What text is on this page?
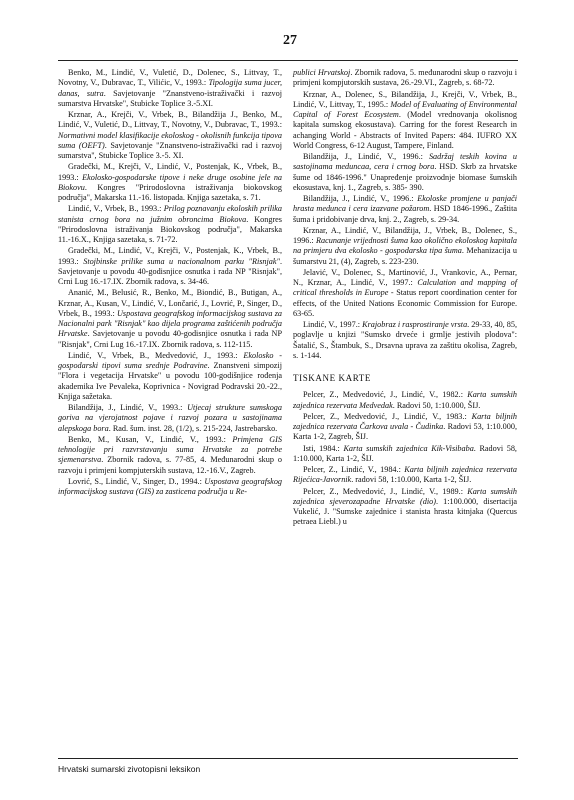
27

Benko, M., Lindić, V., Vuletić, D., Dolenec, S., Littvay, T., Novotny, V., Dubravac, T., Vilićic, V., 1993.: Tipologija suma jucer, danas, sutra. Savjetovanje "Znanstveno-istraživački i razvoj sumarstva Hrvatske", Stubicke Toplice 3.-5.XI.

Krznar, A., Krejči, V., Vrbek, B., Bilandžija J., Benko, M., Lindić, V., Vuletić, D., Littvay, T., Novotny, V., Dubravac, T., 1993.: Normativni model klasifikacije ekoloskog - okolisnih funkcija tipova suma (OEFT). Savjetovanje "Znanstveno-istraživački rad i razvoj sumarstva", Stubicke Toplice 3.-5. XI.

Gradečki, M., Krejči, V., Lindić, V., Postenjak, K., Vrbek, B., 1993.: Ekolosko-gospodarske tipove i neke druge osobine jele na Biokovu. Kongres "Prirodoslovna istraživanja biokovskog područja", Makarska 11.-16. listopada. Knjiga sazetaka, s. 71.

Lindić, V., Vrbek, B., 1993.: Prilog poznavanju ekoloskih prilika stanista crnog bora na južnim obroncima Biokova. Kongres "Prirodoslovna istraživanja Biokovskog područja", Makarska 11.-16.X., Knjiga sazetaka, s. 71-72.

Gradečki, M., Lindić, V., Krejči, V., Postenjak, K., Vrbek, B., 1993.: Stojbinske prilike suma u nacionalnom parku "Risnjak". Savjetovanje u povodu 40-godisnjice osnutka i rada NP "Risnjak", Crni Lug 16.-17.IX. Zbornik radova, s. 34-46.

Ananić, M., Belusić, R., Benko, M., Biondić, B., Butigan, A., Krznar, A., Kusan, V., Lindić, V., Lončarić, J., Lovrić, P., Singer, D., Vrbek, B., 1993.: Uspostava geografskog informacijskog sustava za Nacionalni park "Risnjak" kao dijela programa zaštićenih područja Hrvatske. Savjetovanje u povodu 40-godisnjice osnutka i rada NP "Risnjak", Crni Lug 16.-17.IX. Zbornik radova, s. 112-115.

Lindić, V., Vrbek, B., Medvedović, J., 1993.: Ekolosko - gospodarski tipovi suma srednje Podravine. Znanstveni simpozij "Flora i vegetacija Hrvatske" u povodu 100-godišnjice rođenja akademika Ive Pevaleka, Koprivnica - Novigrad Podravski 20.-22., Knjiga sažetaka.

Bilandžija, J., Lindić, V., 1993.: Utjecaj strukture sumskoga goriva na vjerojatnost pojave i razvoj pozara u sastojinama alepskoga bora. Rad. šum. inst. 28, (1/2), s. 215-224, Jastrebarsko.

Benko, M., Kusan, V., Lindić, V., 1993.: Primjena GIS tehnologije pri razvrstavanju suma Hrvatske za potrebe sjemenarstva. Zbornik radova, s. 77-85, 4. Međunarodni skup o razvoju i primjeni kompjuterskih sustava, 12.-16.V., Zagreb.

Lovrić, S., Lindić, V., Singer, D., 1994.: Uspostava geografskog informacijskog sustava (GIS) za zasticena područja u Re-

publici Hrvatskoj. Zbornik radova, 5. međunarodni skup o razvoju i primjeni kompjutorskih sustava, 26.-29.VI., Zagreb, s. 68-72.

Krznar, A., Dolenec, S., Bilandžija, J., Krejči, V., Vrbek, B., Lindić, V., Littvay, T., 1995.: Model of Evaluating of Environmental Capital of Forest Ecosystem. (Model vrednovanja okolisnog kapitala sumskog ekosustava). Carring for the forest Research in achanging World - Abstracts of Invited Papers: 484. IUFRO XX World Congress, 6-12 August, Tampere, Finland.

Bilandžija, J., Lindić, V., 1996.: Sadržaj teskih kovina u sastojinama meduncaa, cera i crnog bora. HSD. Skrb za hrvatske šume od 1846-1996." Unapređenje proizvodnje biomase šumskih ekosustava, knj. 1., Zagreb, s. 385- 390.

Bilandžija, J., Lindić, V., 1996.: Ekoloske promjene u panjači hrasta medunca i cera izazvane požarom. HSD 1846-1996., Zaštita šuma i pridobivanje drva, knj. 2., Zagreb, s. 29-34.

Krznar, A., Lindić, V., Bilandžija, J., Vrbek, B., Dolenec, S., 1996.: Racunanje vrijednosti šuma kao okolično ekoloskog kapitala na primjeru dva ekolosko - gospodarska tipa šuma. Mehanizacija u šumarstvu 21, (4), Zagreb, s. 223-230.

Jelavić, V., Dolenec, S., Martinović, J., Vrankovic, A., Pernar, N., Krznar, A., Lindić, V., 1997.: Calculation and mapping of critical thresholds in Europe - Status report coordination center for effects, of the United Nations Economic Commission for Europe. 63-65.

Lindić, V., 1997.: Krajobraz i rasprostiranje vrsta. 29-33, 40, 85, poglavlje u knjizi "Sumsko drveće i grmlje jestivih plodova": Šatalić, S., Štambuk, S., Drsavna uprava za zaštitu okolisa, Zagreb, s. 1-144.

TISKANE KARTE

Pelcer, Z., Medvedović, J., Lindić, V., 1982.: Karta sumskih zajednica rezervata Medvedak. Radovi 50, 1:10.000, ŠIJ.

Pelcer, Z., Medvedović, J., Lindić, V., 1983.: Karta biljnih zajednica rezervata Čarkova uvala - Čudinka. Radovi 53, 1:10.000, Karta 1-2, Zagreb, ŠIJ.

Isti, 1984.: Karta sumskih zajednica Kik-Visibaba. Radovi 58, 1:10.000, Karta 1-2, ŠIJ.

Pelcer, Z., Lindić, V., 1984.: Karta biljnih zajednica rezervata Rijećica-Javornik. radovi 58, 1:10.000, Karta 1-2, ŠIJ.

Pelcer, Z., Medvedović, J., Lindić, V., 1989.: Karta sumskih zajednica sjeverozapadne Hrvatske (dio). 1:100.000, disertacija Vukelić, J. "Sumske zajednice i stanista hrasta kitnjaka (Quercus petraea Liebl.) u

Hrvatski sumarski zivotopisni leksikon
